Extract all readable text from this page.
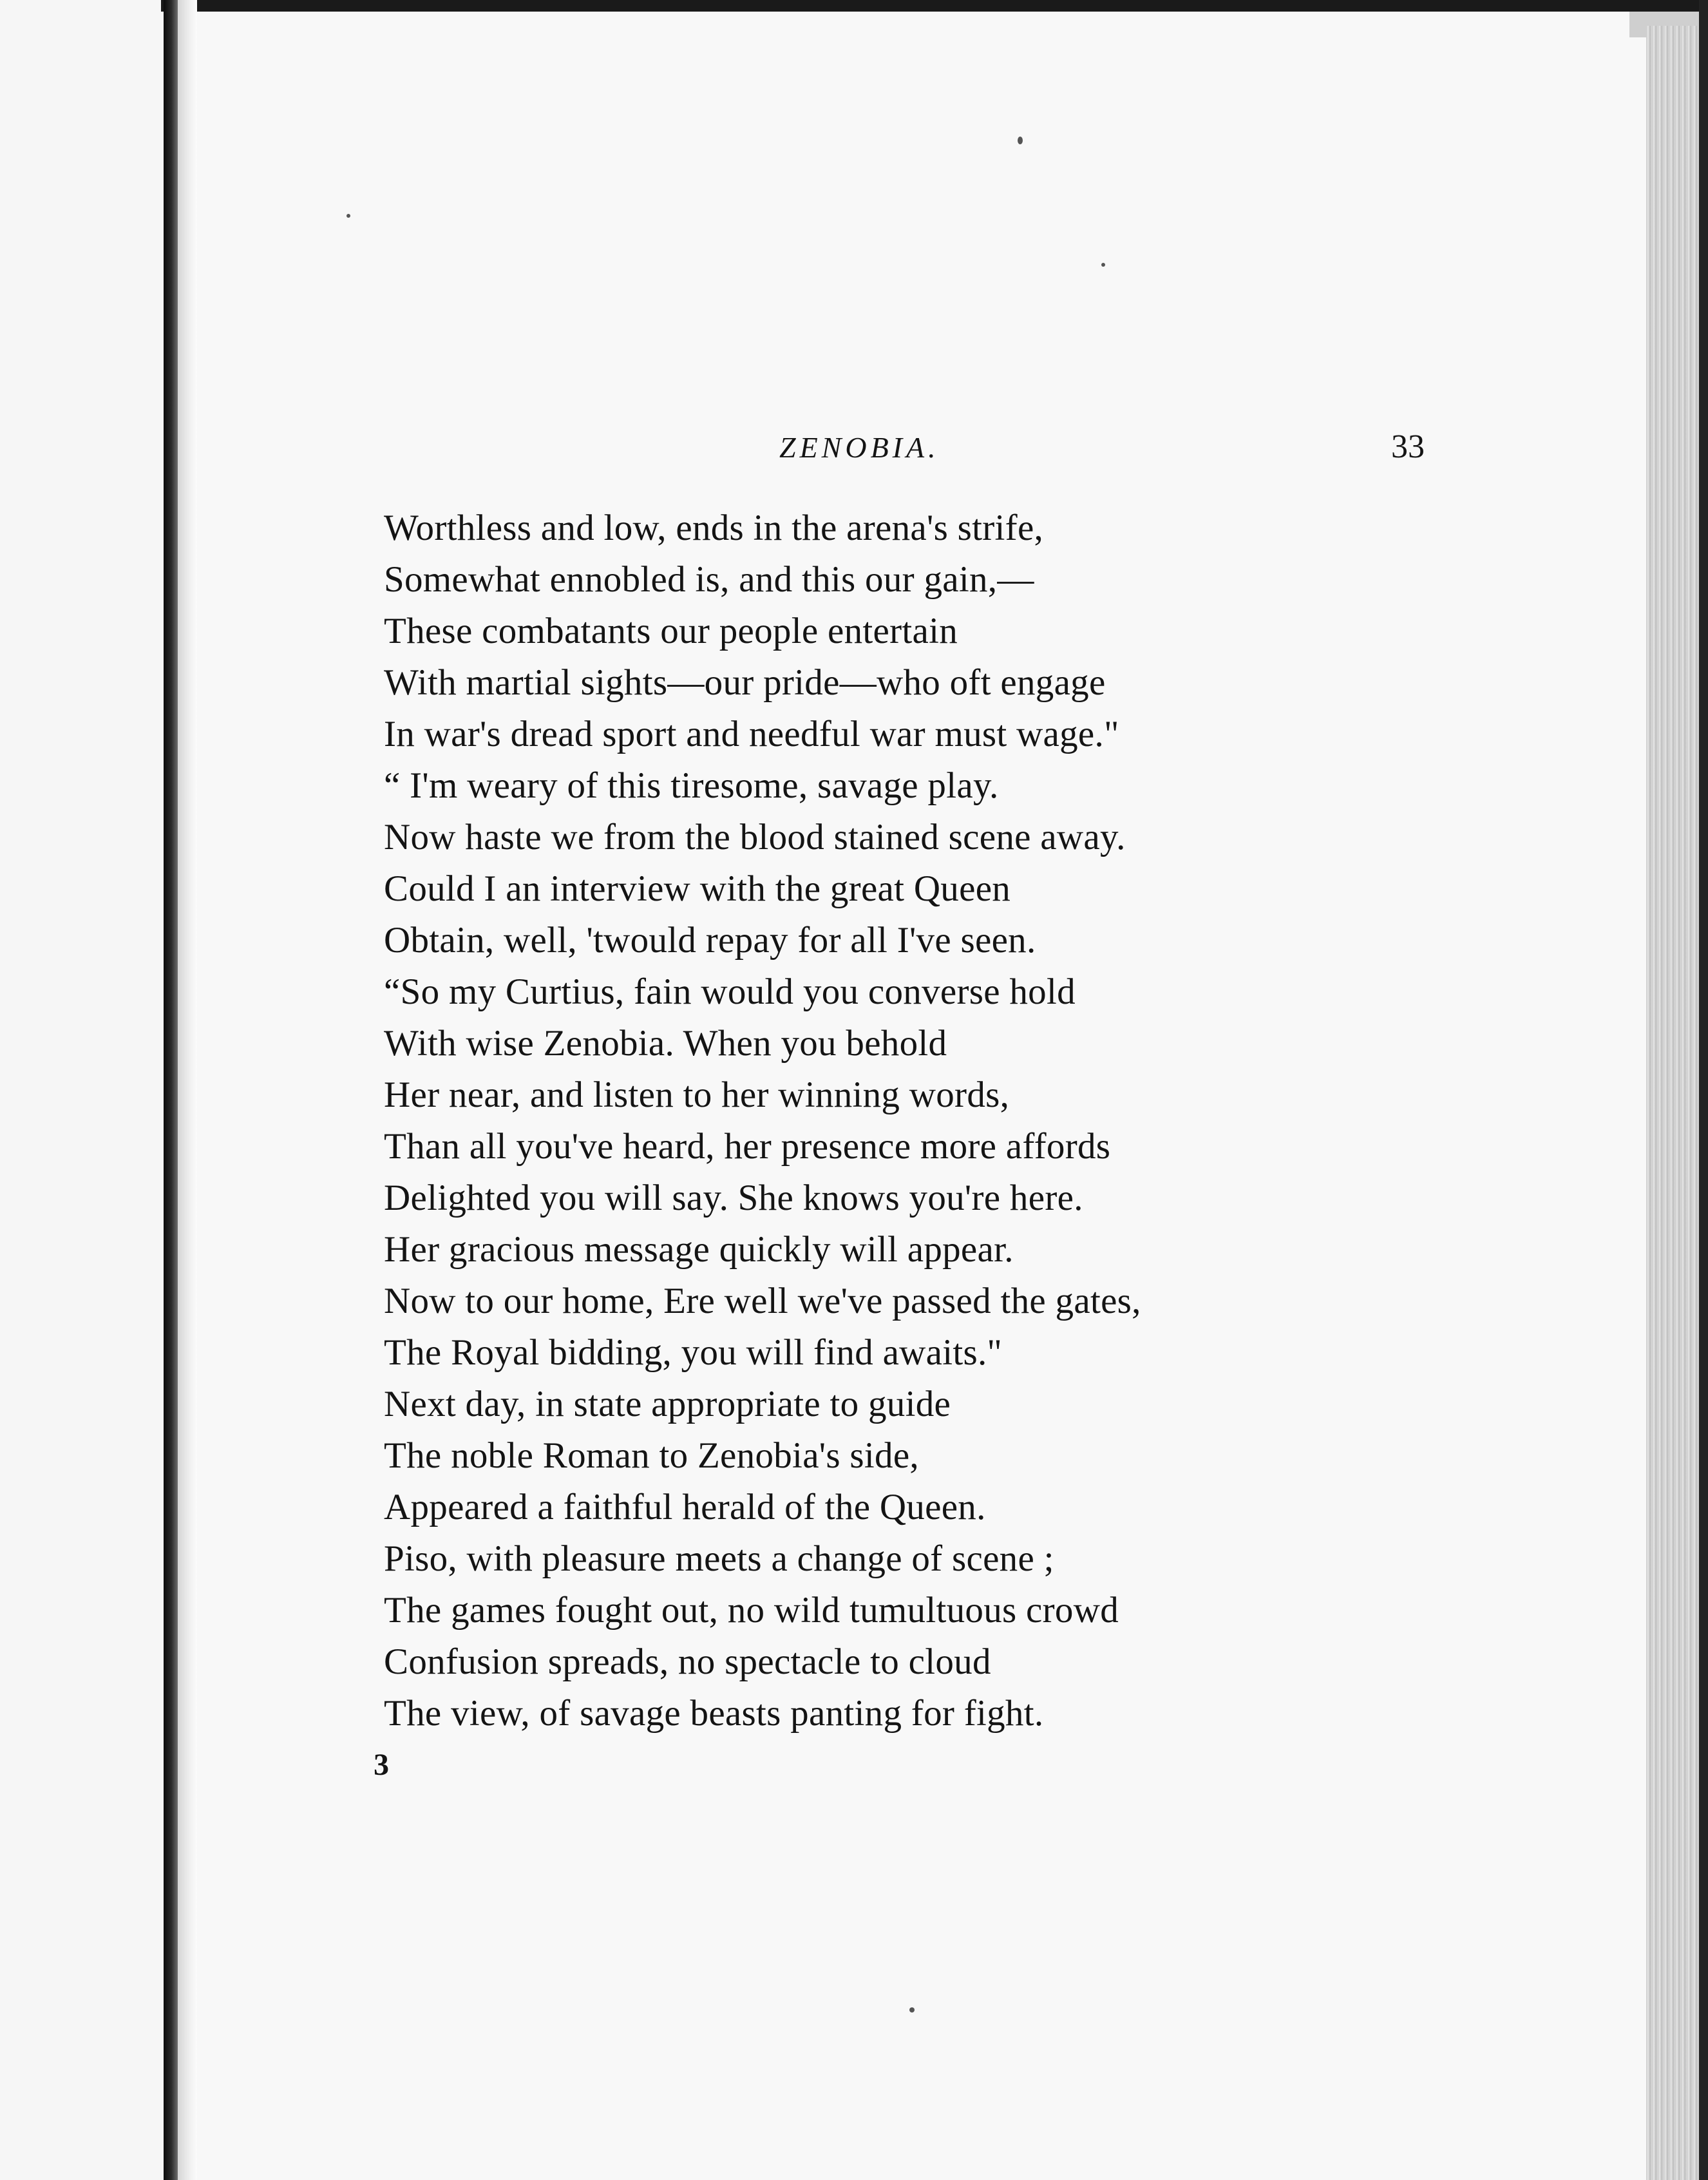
ZENOBIA.	33
Worthless and low, ends in the arena's strife,
Somewhat ennobled is, and this our gain,—
These combatants our people entertain
With martial sights—our pride—who oft engage
In war's dread sport and needful war must wage."
“ I'm weary of this tiresome, savage play.
Now haste we from the blood stained scene away.
Could I an interview with the great Queen
Obtain, well, 'twould repay for all I've seen.
“So my Curtius, fain would you converse hold
With wise Zenobia. When you behold
Her near, and listen to her winning words,
Than all you've heard, her presence more affords
Delighted you will say. She knows you're here.
Her gracious message quickly will appear.
Now to our home, Ere well we've passed the gates,
The Royal bidding, you will find awaits."
Next day, in state appropriate to guide
The noble Roman to Zenobia's side,
Appeared a faithful herald of the Queen.
Piso, with pleasure meets a change of scene ;
The games fought out, no wild tumultuous crowd
Confusion spreads, no spectacle to cloud
The view, of savage beasts panting for fight.
3
